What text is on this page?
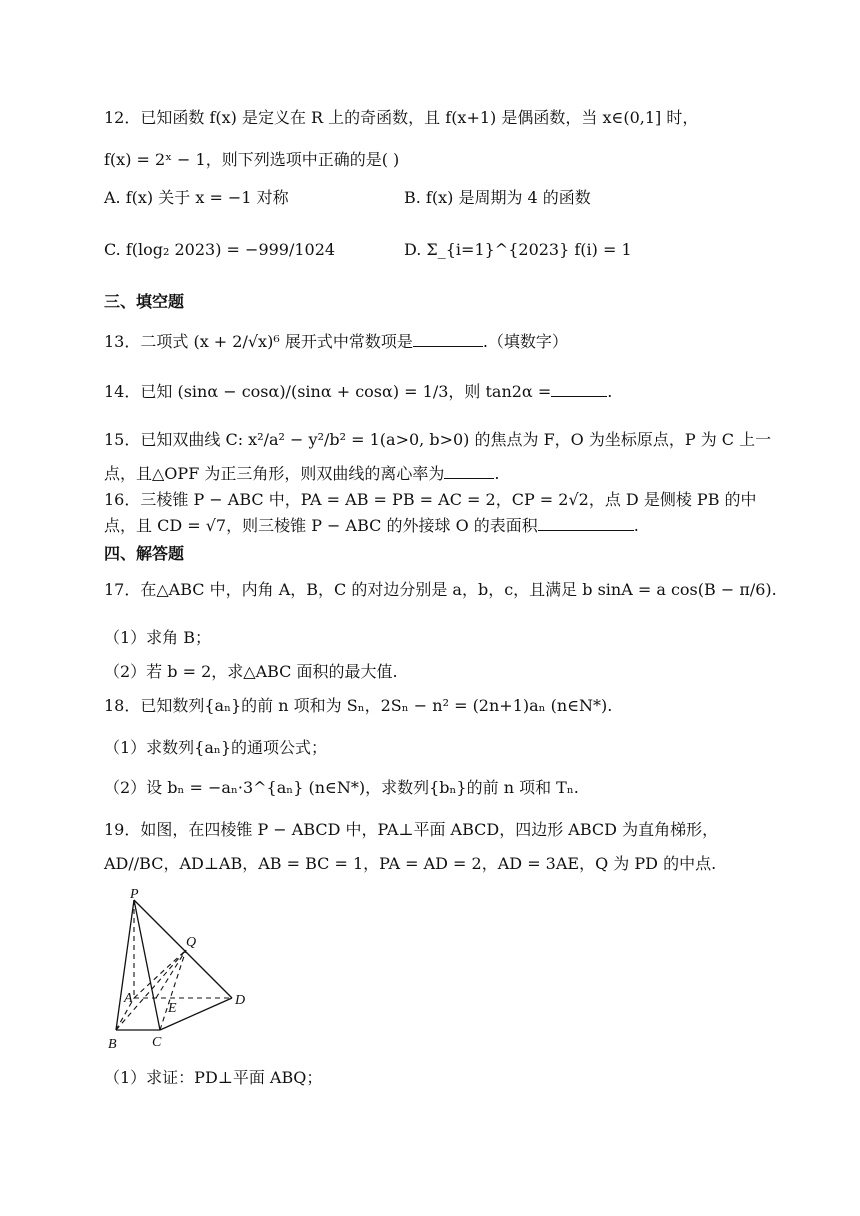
12．已知函数 f(x) 是定义在 R 上的奇函数，且 f(x+1) 是偶函数，当 x∈(0,1] 时，
f(x) = 2ˣ − 1，则下列选项中正确的是( )
A. f(x) 关于 x = −1 对称	B. f(x) 是周期为 4 的函数
C. f(log₂ 2023) = −999/1024	D. Σ_{i=1}^{2023} f(i) = 1
三、填空题
13．二项式 (x + 2/√x)⁶ 展开式中常数项是	.（填数字）
14．已知 (sinα − cosα)/(sinα + cosα) = 1/3，则 tan2α =	.
15．已知双曲线 C: x²/a² − y²/b² = 1(a>0, b>0) 的焦点为 F，O 为坐标原点，P 为 C 上一
点，且△OPF 为正三角形，则双曲线的离心率为	.
16．三棱锥 P − ABC 中，PA = AB = PB = AC = 2，CP = 2√2，点 D 是侧棱 PB 的中
点，且 CD = √7，则三棱锥 P − ABC 的外接球 O 的表面积	.
四、解答题
17．在△ABC 中，内角 A，B，C 的对边分别是 a，b，c，且满足 b sinA = a cos(B − π/6).
（1）求角 B；
（2）若 b = 2，求△ABC 面积的最大值.
18．已知数列{aₙ}的前 n 项和为 Sₙ，2Sₙ − n² = (2n+1)aₙ (n∈N*).
（1）求数列{aₙ}的通项公式；
（2）设 bₙ = −aₙ·3^{aₙ} (n∈N*)，求数列{bₙ}的前 n 项和 Tₙ.
19．如图，在四棱锥 P − ABCD 中，PA⊥平面 ABCD，四边形 ABCD 为直角梯形，
AD//BC，AD⊥AB，AB = BC = 1，PA = AD = 2，AD = 3AE，Q 为 PD 的中点.
P
Q
A
E
D
B	C
（1）求证：PD⊥平面 ABQ；
